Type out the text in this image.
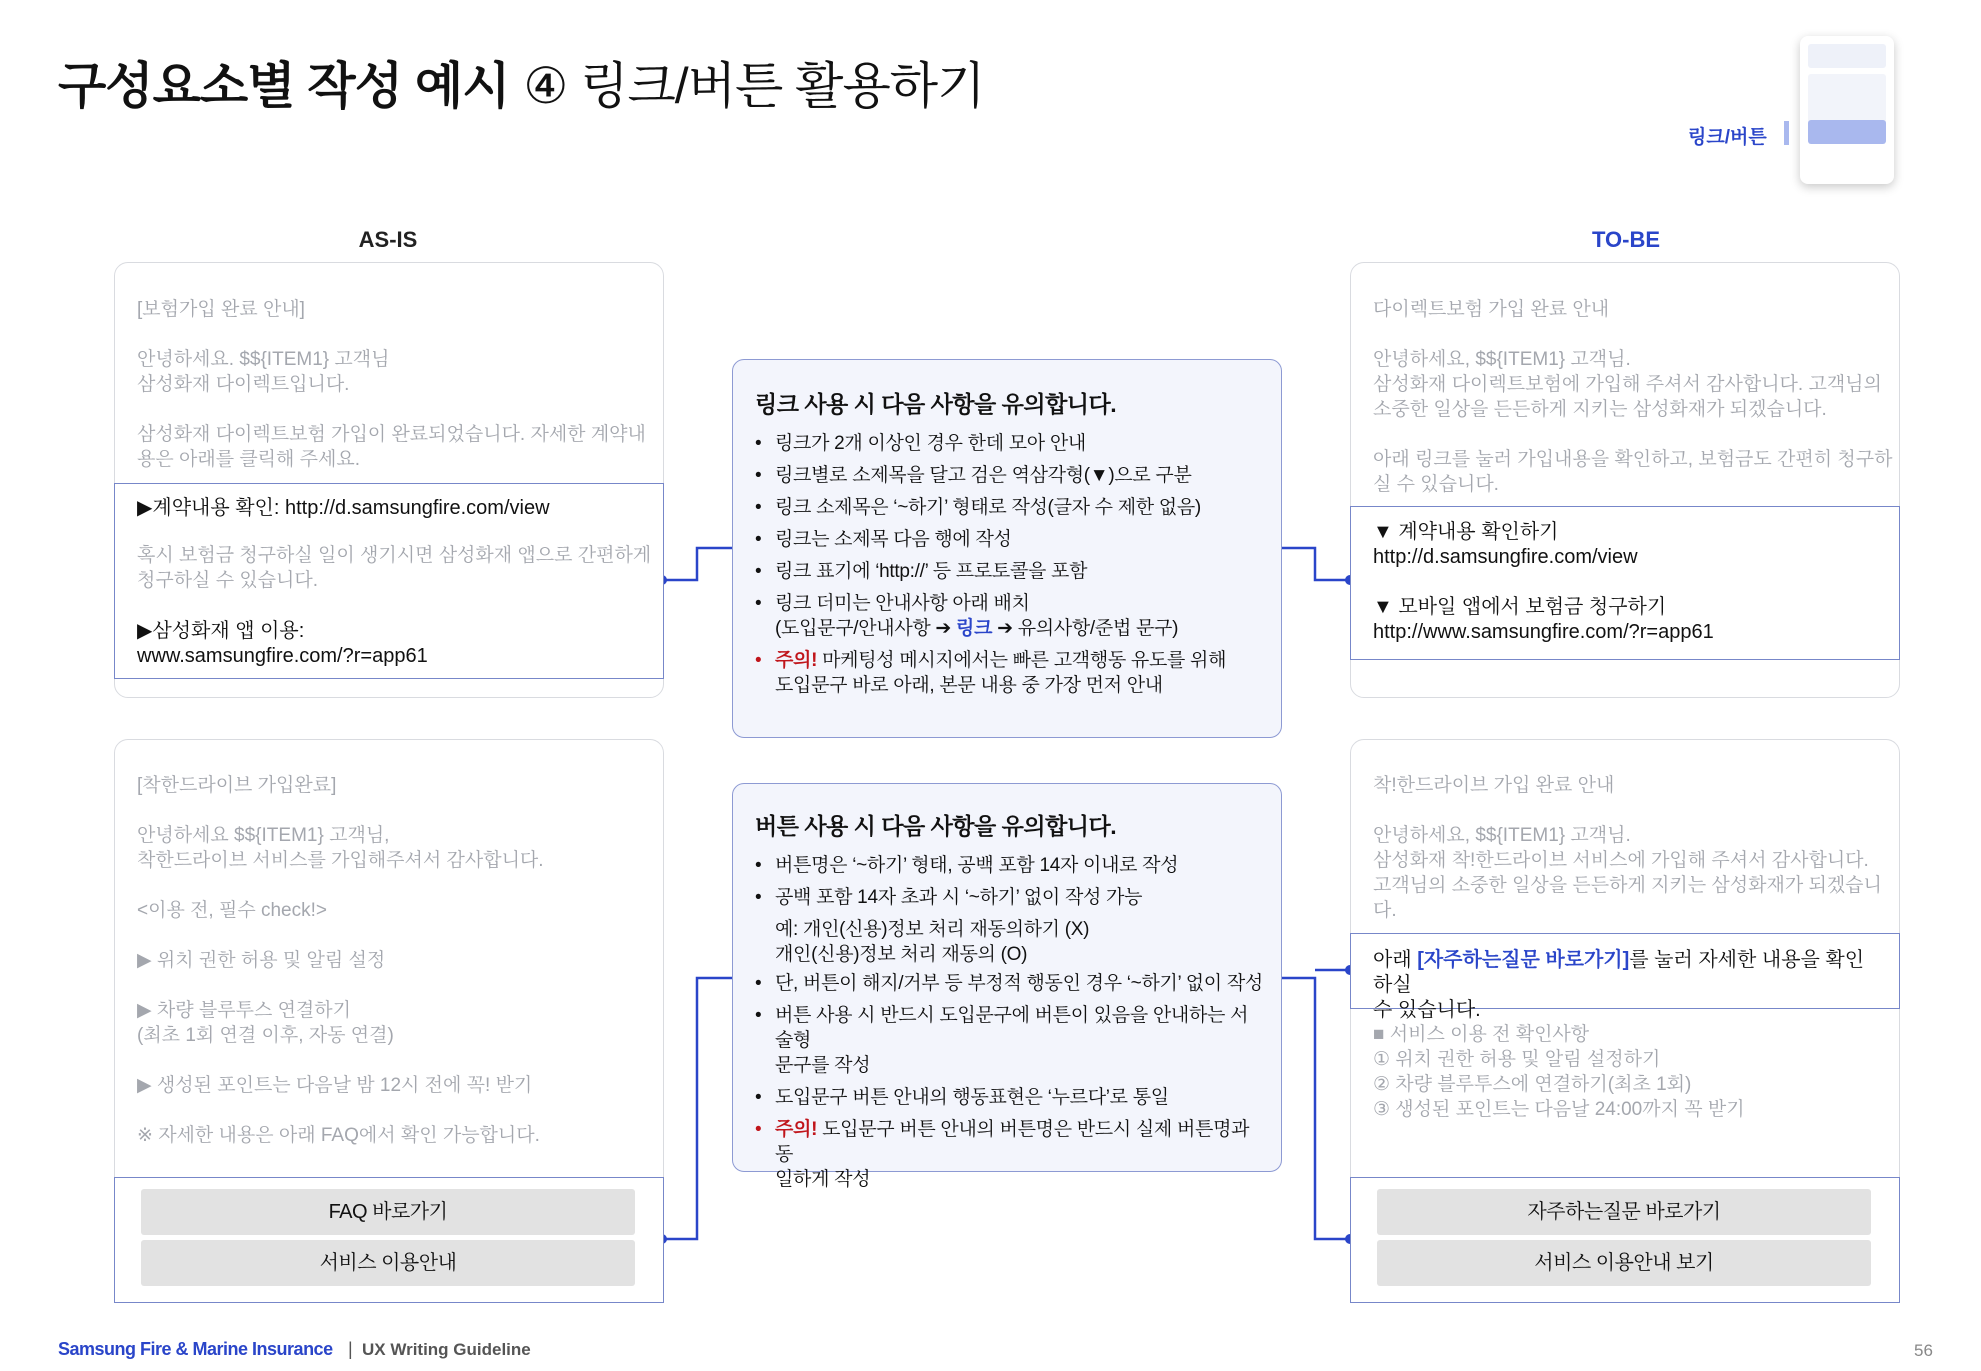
구성요소별 작성 예시 ④ 링크/버튼 활용하기
링크/버튼
AS-IS	TO-BE
[보험가입 완료 안내]

안녕하세요. $${ITEM1} 고객님
삼성화재 다이렉트입니다.

삼성화재 다이렉트보험 가입이 완료되었습니다. 자세한 계약내
용은 아래를 클릭해 주세요.
▶계약내용 확인: http://d.samsungfire.com/view
혹시 보험금 청구하실 일이 생기시면 삼성화재 앱으로 간편하게
청구하실 수 있습니다.
▶삼성화재 앱 이용:
www.samsungfire.com/?r=app61
다이렉트보험 가입 완료 안내

안녕하세요, $${ITEM1} 고객님.
삼성화재 다이렉트보험에 가입해 주셔서 감사합니다. 고객님의
소중한 일상을 든든하게 지키는 삼성화재가 되겠습니다.

아래 링크를 눌러 가입내용을 확인하고, 보험금도 간편히 청구하
실 수 있습니다.
▼ 계약내용 확인하기
http://d.samsungfire.com/view

▼ 모바일 앱에서 보험금 청구하기
http://www.samsungfire.com/?r=app61
링크 사용 시 다음 사항을 유의합니다.
• 링크가 2개 이상인 경우 한데 모아 안내
• 링크별로 소제목을 달고 검은 역삼각형(▼)으로 구분
• 링크 소제목은 ‘~하기’ 형태로 작성(글자 수 제한 없음)
• 링크는 소제목 다음 행에 작성
• 링크 표기에 ‘http://’ 등 프로토콜을 포함
• 링크 더미는 안내사항 아래 배치
(도입문구/안내사항 ➔ 링크 ➔ 유의사항/준법 문구)
• 주의! 마케팅성 메시지에서는 빠른 고객행동 유도를 위해
도입문구 바로 아래, 본문 내용 중 가장 먼저 안내
[착한드라이브 가입완료]

안녕하세요 $${ITEM1} 고객님,
착한드라이브 서비스를 가입해주셔서 감사합니다.

<이용 전, 필수 check!>

▶ 위치 권한 허용 및 알림 설정

▶ 차량 블루투스 연결하기
(최초 1회 연결 이후, 자동 연결)

▶ 생성된 포인트는 다음날 밤 12시 전에 꼭! 받기

※ 자세한 내용은 아래 FAQ에서 확인 가능합니다.
FAQ 바로가기
서비스 이용안내
착!한드라이브 가입 완료 안내

안녕하세요, $${ITEM1} 고객님.
삼성화재 착!한드라이브 서비스에 가입해 주셔서 감사합니다.
고객님의 소중한 일상을 든든하게 지키는 삼성화재가 되겠습니
다.
아래 [자주하는질문 바로가기]를 눌러 자세한 내용을 확인하실
수 있습니다.
■ 서비스 이용 전 확인사항
① 위치 권한 허용 및 알림 설정하기
② 차량 블루투스에 연결하기(최초 1회)
③ 생성된 포인트는 다음날 24:00까지 꼭 받기
자주하는질문 바로가기
서비스 이용안내 보기
버튼 사용 시 다음 사항을 유의합니다.
• 버튼명은 ‘~하기’ 형태, 공백 포함 14자 이내로 작성
• 공백 포함 14자 초과 시 ‘~하기’ 없이 작성 가능
예: 개인(신용)정보 처리 재동의하기 (X)
개인(신용)정보 처리 재동의 (O)
• 단, 버튼이 해지/거부 등 부정적 행동인 경우 ‘~하기’ 없이 작성
• 버튼 사용 시 반드시 도입문구에 버튼이 있음을 안내하는 서술형
문구를 작성
• 도입문구 버튼 안내의 행동표현은 ‘누르다’로 통일
• 주의! 도입문구 버튼 안내의 버튼명은 반드시 실제 버튼명과 동
일하게 작성
Samsung Fire & Marine Insurance | UX Writing Guideline	56
